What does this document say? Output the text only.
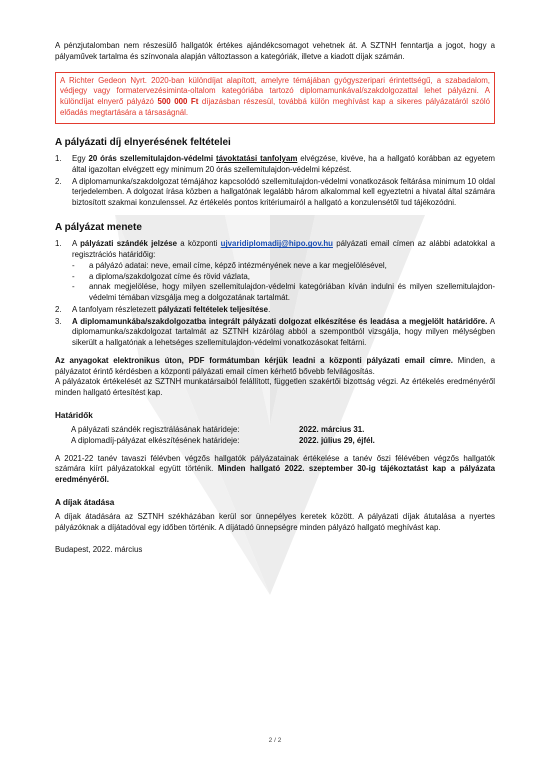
A pénzjutalomban nem részesülő hallgatók értékes ajándékcsomagot vehetnek át. A SZTNH fenntartja a jogot, hogy a pályaművek tartalma és színvonala alapján változtasson a kategóriák, illetve a kiadott díjak számán.

A Richter Gedeon Nyrt. 2020-ban különdíjat alapított, amelyre témájában gyógyszeripari érintettségű, a szabadalom, védjegy vagy formatervezésiminta-oltalom kategóriába tartozó diplomamunkával/szakdolgozattal lehet pályázni. A különdíjat elnyerő pályázó 500 000 Ft díjazásban részesül, továbbá külön meghívást kap a sikeres pályázatáról szóló előadás megtartására a társaságnál.
A pályázati díj elnyerésének feltételei
1. Egy 20 órás szellemitulajdon-védelmi távoktatási tanfolyam elvégzése, kivéve, ha a hallgató korábban az egyetem által igazoltan elvégzett egy minimum 20 órás szellemitulajdon-védelmi képzést.
2. A diplomamunka/szakdolgozat témájához kapcsolódó szellemitulajdon-védelmi vonatkozások feltárása minimum 10 oldal terjedelemben. A dolgozat írása közben a hallgatónak legalább három alkalommal kell egyeztetni a hivatal által számára biztosított szakmai konzulenssel. Az értékelés pontos kritériumairól a hallgató a konzulensétől tud tájékozódni.
A pályázat menete
1. A pályázati szándék jelzése a központi ujvaridiplomadij@hipo.gov.hu pályázati email címen az alábbi adatokkal a regisztrációs határidőig:
- a pályázó adatai: neve, email címe, képző intézményének neve a kar megjelölésével,
- a diploma/szakdolgozat címe és rövid vázlata,
- annak megjelölése, hogy milyen szellemitulajdon-védelmi kategóriában kíván indulni és milyen szellemitulajdon-védelmi témában vizsgálja meg a dolgozatának tartalmát.
2. A tanfolyam részletezett pályázati feltételek teljesítése.
3. A diplomamunkába/szakdolgozatba integrált pályázati dolgozat elkészítése és leadása a megjelölt határidőre. A diplomamunka/szakdolgozat tartalmát az SZTNH kizárólag abból a szempontból vizsgálja, hogy milyen mélységben sikerült a hallgatónak a lehetséges szellemitulajdon-védelmi vonatkozásokat feltárni.

Az anyagokat elektronikus úton, PDF formátumban kérjük leadni a központi pályázati email címre. Minden, a pályázatot érintő kérdésben a központi pályázati email címen kérhető bővebb felvilágosítás.
A pályázatok értékelését az SZTNH munkatársaiból felállított, független szakértői bizottság végzi. Az értékelés eredményéről minden hallgató értesítést kap.

Határidők
A pályázati szándék regisztrálásának határideje:	2022. március 31.
A diplomadíj-pályázat elkészítésének határideje:	2022. július 29, éjfél.

A 2021-22 tanév tavaszi félévben végzős hallgatók pályázatainak értékelése a tanév őszi félévében végzős hallgatók számára kiírt pályázatokkal együtt történik. Minden hallgató 2022. szeptember 30-ig tájékoztatást kap a pályázata eredményéről.

A díjak átadása

A díjak átadására az SZTNH székházában kerül sor ünnepélyes keretek között. A pályázati díjak átutalása a nyertes pályázóknak a díjátadóval egy időben történik. A díjátadó ünnepségre minden pályázó hallgató meghívást kap.

Budapest, 2022. március

2 / 2
